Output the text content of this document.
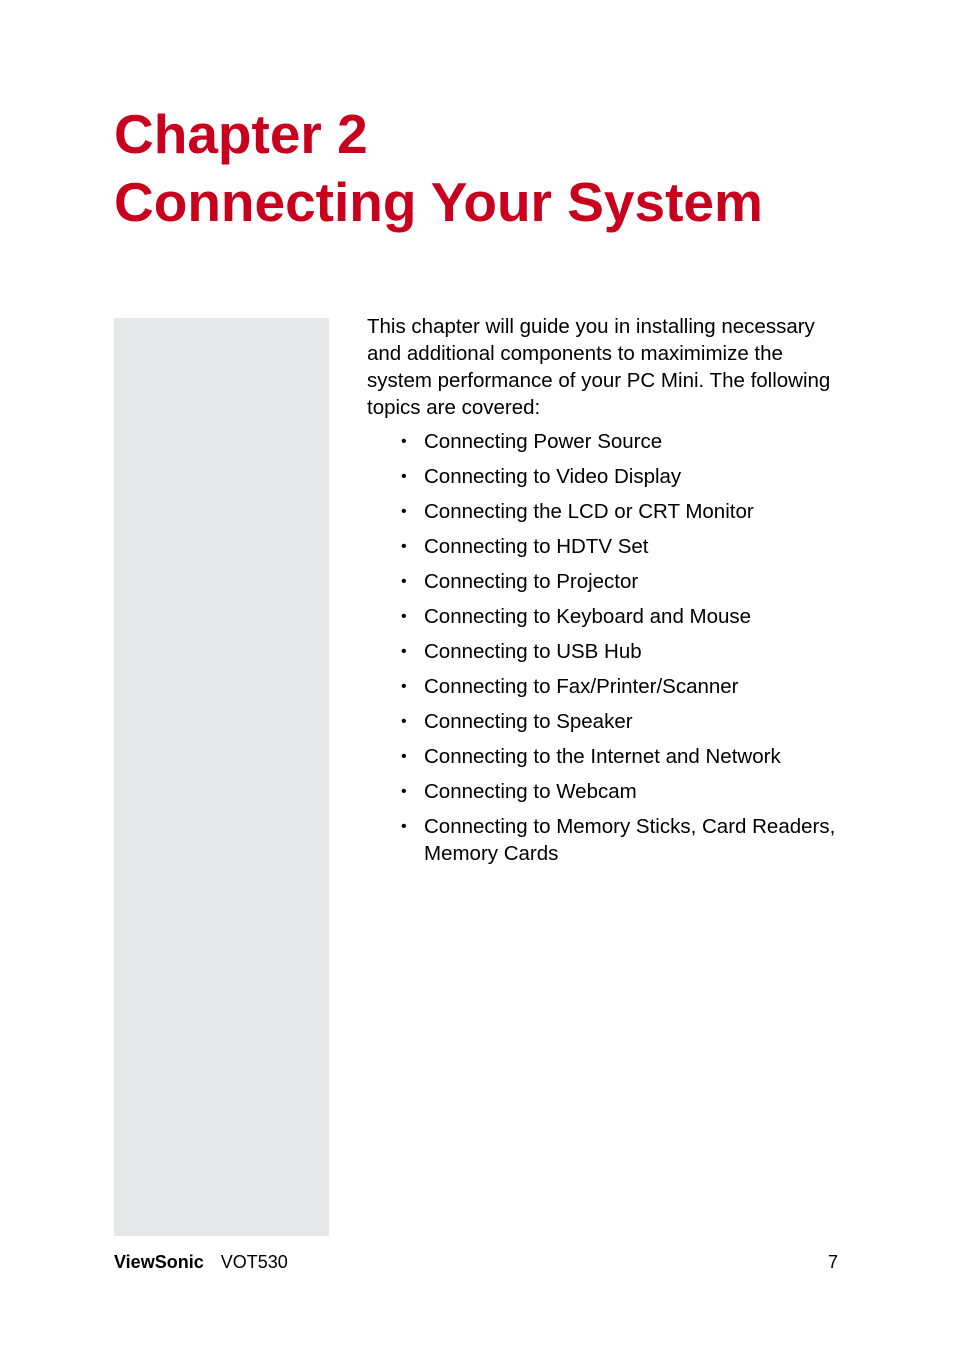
Chapter 2
Connecting Your System

This chapter will guide you in installing necessary and additional components to maximimize the system performance of your PC Mini. The following topics are covered:

• Connecting Power Source
• Connecting to Video Display
• Connecting the LCD or CRT Monitor
• Connecting to HDTV Set
• Connecting to Projector
• Connecting to Keyboard and Mouse
• Connecting to USB Hub
• Connecting to Fax/Printer/Scanner
• Connecting to Speaker
• Connecting to the Internet and Network
• Connecting to Webcam
• Connecting to Memory Sticks, Card Readers, Memory Cards
ViewSonic VOT530	7
